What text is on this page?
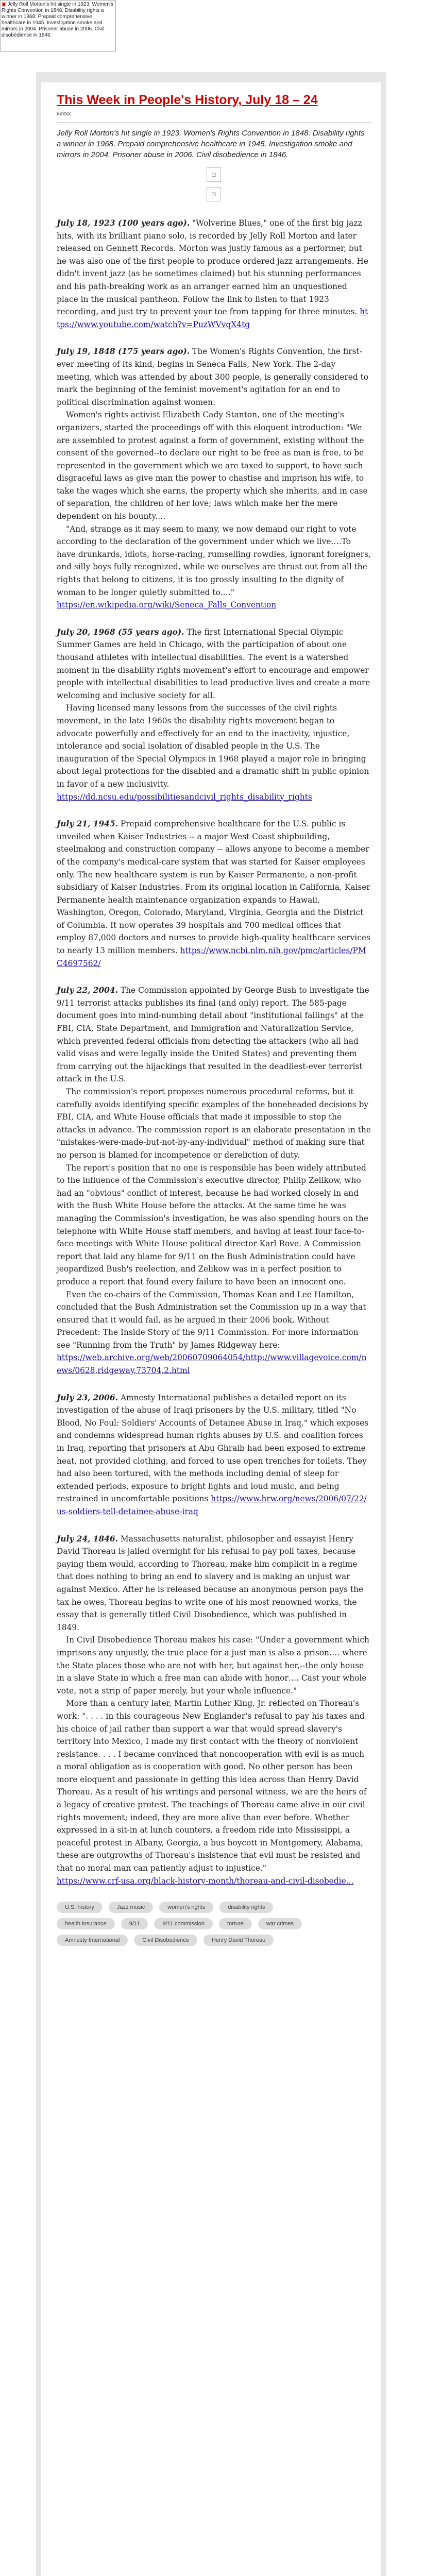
▣ Jelly Roll Morton's hit single in 1923. Women's Rights Convention in 1848. Disability rights a winner in 1968. Prepaid comprehensive healthcare in 1945. Investigation smoke and mirrors in 2004. Prisoner abuse in 2006. Civil disobedience in 1846.
This Week in People's History, July 18 – 24
xxxxx
Jelly Roll Morton's hit single in 1923. Women's Rights Convention in 1848. Disability rights a winner in 1968. Prepaid comprehensive healthcare in 1945. Investigation smoke and mirrors in 2004. Prisoner abuse in 2006. Civil disobedience in 1846.
⊡
⊡

July 18, 1923 (100 years ago). "Wolverine Blues," one of the first big jazz hits, with its brilliant piano solo, is recorded by Jelly Roll Morton and later released on Gennett Records. Morton was justly famous as a performer, but he was also one of the first people to produce ordered jazz arrangements. He didn't invent jazz (as he sometimes claimed) but his stunning performances and his path-breaking work as an arranger earned him an unquestioned place in the musical pantheon. Follow the link to listen to that 1923 recording, and just try to prevent your toe from tapping for three minutes. https://www.youtube.com/watch?v=PuzWVvqX4tg

July 19, 1848 (175 years ago). The Women's Rights Convention, the first-ever meeting of its kind, begins in Seneca Falls, New York. The 2-day meeting, which was attended by about 300 people, is generally considered to mark the beginning of the feminist movement's agitation for an end to political discrimination against women.

Women's rights activist Elizabeth Cady Stanton, one of the meeting's organizers, started the proceedings off with this eloquent introduction: "We are assembled to protest against a form of government, existing without the consent of the governed--to declare our right to be free as man is free, to be represented in the government which we are taxed to support, to have such disgraceful laws as give man the power to chastise and imprison his wife, to take the wages which she earns, the property which she inherits, and in case of separation, the children of her love; laws which make her the mere dependent on his bounty.…

"And, strange as it may seem to many, we now demand our right to vote according to the declaration of the government under which we live.…To have drunkards, idiots, horse-racing, rumselling rowdies, ignorant foreigners, and silly boys fully recognized, while we ourselves are thrust out from all the rights that belong to citizens, it is too grossly insulting to the dignity of woman to be longer quietly submitted to.…"

https://en.wikipedia.org/wiki/Seneca_Falls_Convention

July 20, 1968 (55 years ago). The first International Special Olympic Summer Games are held in Chicago, with the participation of about one thousand athletes with intellectual disabilities. The event is a watershed moment in the disability rights movement's effort to encourage and empower people with intellectual disabilities to lead productive lives and create a more welcoming and inclusive society for all.

Having licensed many lessons from the successes of the civil rights movement, in the late 1960s the disability rights movement began to advocate powerfully and effectively for an end to the inactivity, injustice, intolerance and social isolation of disabled people in the U.S. The inauguration of the Special Olympics in 1968 played a major role in bringing about legal protections for the disabled and a dramatic shift in public opinion in favor of a new inclusivity.

https://dd.ncsu.edu/possibilitiesandcivil_rights_disability_rights

July 21, 1945. Prepaid comprehensive healthcare for the U.S. public is unveiled when Kaiser Industries -- a major West Coast shipbuilding, steelmaking and construction company -- allows anyone to become a member of the company's medical-care system that was started for Kaiser employees only. The new healthcare system is run by Kaiser Permanente, a non-profit subsidiary of Kaiser Industries. From its original location in California, Kaiser Permanente health maintenance organization expands to Hawaii, Washington, Oregon, Colorado, Maryland, Virginia, Georgia and the District of Columbia. It now operates 39 hospitals and 700 medical offices that employ 87,000 doctors and nurses to provide high-quality healthcare services to nearly 13 million members. https://www.ncbi.nlm.nih.gov/pmc/articles/PMC4697562/

July 22, 2004. The Commission appointed by George Bush to investigate the 9/11 terrorist attacks publishes its final (and only) report. The 585-page document goes into mind-numbing detail about "institutional failings" at the FBI, CIA, State Department, and Immigration and Naturalization Service, which prevented federal officials from detecting the attackers (who all had valid visas and were legally inside the United States) and preventing them from carrying out the hijackings that resulted in the deadliest-ever terrorist attack in the U.S.

The commission's report proposes numerous procedural reforms, but it carefully avoids identifying specific examples of the boneheaded decisions by FBI, CIA, and White House officials that made it impossible to stop the attacks in advance. The commission report is an elaborate presentation in the "mistakes-were-made-but-not-by-any-individual" method of making sure that no person is blamed for incompetence or dereliction of duty.

The report's position that no one is responsible has been widely attributed to the influence of the Commission's executive director, Philip Zelikow, who had an "obvious" conflict of interest, because he had worked closely in and with the Bush White House before the attacks. At the same time he was managing the Commission's investigation, he was also spending hours on the telephone with White House staff members, and having at least four face-to-face meetings with White House political director Karl Rove. A Commission report that laid any blame for 9/11 on the Bush Administration could have jeopardized Bush's reelection, and Zelikow was in a perfect position to produce a report that found every failure to have been an innocent one.

Even the co-chairs of the Commission, Thomas Kean and Lee Hamilton, concluded that the Bush Administration set the Commission up in a way that ensured that it would fail, as he argued in their 2006 book, Without Precedent: The Inside Story of the 9/11 Commission. For more information see "Running from the Truth" by James Ridgeway here:

https://web.archive.org/web/20060709064054/http://www.villagevoice.com/news/0628,ridgeway,73704,2.html

July 23, 2006. Amnesty International publishes a detailed report on its investigation of the abuse of Iraqi prisoners by the U.S. military, titled "No Blood, No Foul: Soldiers' Accounts of Detainee Abuse in Iraq," which exposes and condemns widespread human rights abuses by U.S. and coalition forces in Iraq, reporting that prisoners at Abu Ghraib had been exposed to extreme heat, not provided clothing, and forced to use open trenches for toilets. They had also been tortured, with the methods including denial of sleep for extended periods, exposure to bright lights and loud music, and being restrained in uncomfortable positions https://www.hrw.org/news/2006/07/22/us-soldiers-tell-detainee-abuse-iraq

July 24, 1846. Massachusetts naturalist, philosopher and essayist Henry David Thoreau is jailed overnight for his refusal to pay poll taxes, because paying them would, according to Thoreau, make him complicit in a regime that does nothing to bring an end to slavery and is making an unjust war against Mexico. After he is released because an anonymous person pays the tax he owes, Thoreau begins to write one of his most renowned works, the essay that is generally titled Civil Disobedience, which was published in 1849.

In Civil Disobedience Thoreau makes his case: "Under a government which imprisons any unjustly, the true place for a just man is also a prison…. where the State places those who are not with her, but against her,--the only house in a slave State in which a free man can abide with honor…. Cast your whole vote, not a strip of paper merely, but your whole influence."

More than a century later, Martin Luther King, Jr. reflected on Thoreau's work: ". . . . in this courageous New Englander's refusal to pay his taxes and his choice of jail rather than support a war that would spread slavery's territory into Mexico, I made my first contact with the theory of nonviolent resistance. . . . I became convinced that noncooperation with evil is as much a moral obligation as is cooperation with good. No other person has been more eloquent and passionate in getting this idea across than Henry David Thoreau. As a result of his writings and personal witness, we are the heirs of a legacy of creative protest. The teachings of Thoreau came alive in our civil rights movement; indeed, they are more alive than ever before. Whether expressed in a sit-in at lunch counters, a freedom ride into Mississippi, a peaceful protest in Albany, Georgia, a bus boycott in Montgomery, Alabama, these are outgrowths of Thoreau's insistence that evil must be resisted and that no moral man can patiently adjust to injustice."

https://www.crf-usa.org/black-history-month/thoreau-and-civil-disobedie...

U.S. history	Jazz music	women's rights	disability rights
health insurance	9/11	9/11 commission	torture	war crimes
Amnesty International	Civil Disobedience	Henry David Thoreau
